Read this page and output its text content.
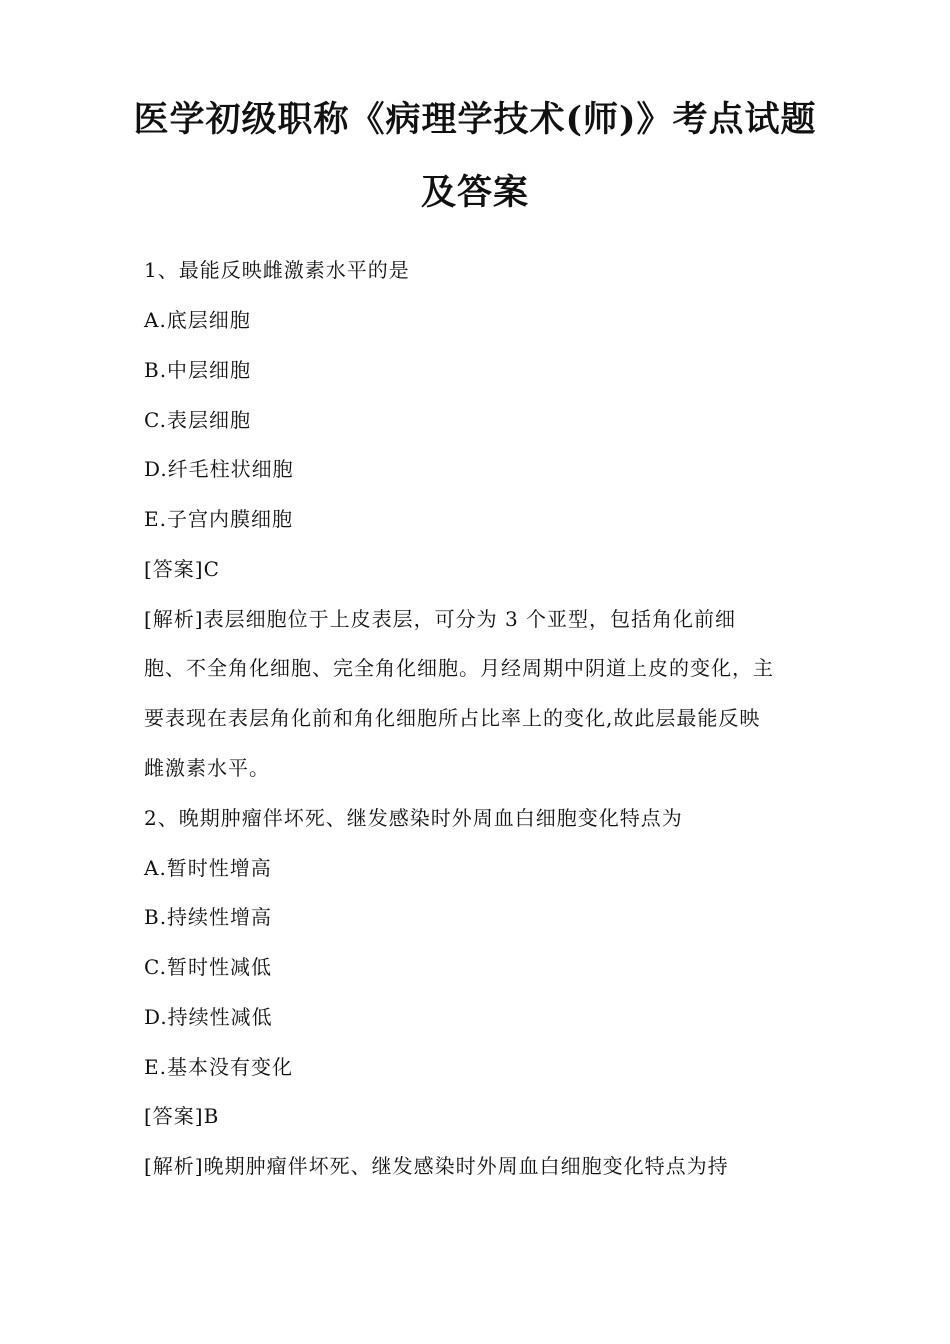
医学初级职称《病理学技术(师)》考点试题
及答案
1、最能反映雌激素水平的是
A.底层细胞
B.中层细胞
C.表层细胞
D.纤毛柱状细胞
E.子宫内膜细胞
[答案]C
[解析]表层细胞位于上皮表层，可分为 3 个亚型，包括角化前细
胞、不全角化细胞、完全角化细胞。月经周期中阴道上皮的变化，主
要表现在表层角化前和角化细胞所占比率上的变化,故此层最能反映
雌激素水平。
2、晚期肿瘤伴坏死、继发感染时外周血白细胞变化特点为
A.暂时性增高
B.持续性增高
C.暂时性减低
D.持续性减低
E.基本没有变化
[答案]B
[解析]晚期肿瘤伴坏死、继发感染时外周血白细胞变化特点为持
